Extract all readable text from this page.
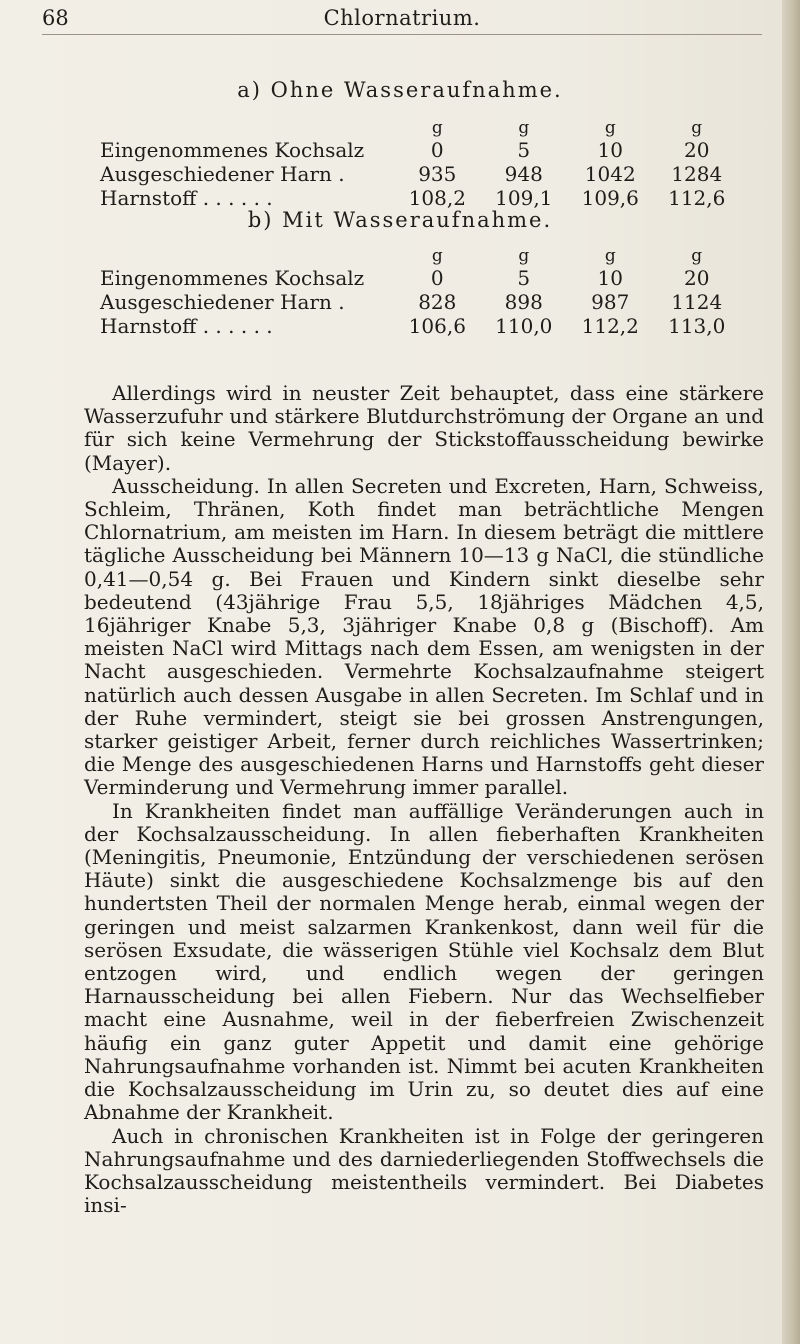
68	Chlornatrium.
a) Ohne Wasseraufnahme.
	g	g	g	g
Eingenommenes Kochsalz	0	5	10	20
Ausgeschiedener Harn .	935	948	1042	1284
Harnstoff . . . . . .	108,2	109,1	109,6	112,6
b) Mit Wasseraufnahme.
	g	g	g	g
Eingenommenes Kochsalz	0	5	10	20
Ausgeschiedener Harn .	828	898	987	1124
Harnstoff . . . . . .	106,6	110,0	112,2	113,0

Allerdings wird in neuster Zeit behauptet, dass eine stärkere Wasserzufuhr und stärkere Blutdurchströmung der Organe an und für sich keine Vermehrung der Stickstoffausscheidung bewirke (Mayer).

Ausscheidung. In allen Secreten und Excreten, Harn, Schweiss, Schleim, Thränen, Koth findet man beträchtliche Mengen Chlornatrium, am meisten im Harn. In diesem beträgt die mittlere tägliche Ausscheidung bei Männern 10—13 g NaCl, die stündliche 0,41—0,54 g. Bei Frauen und Kindern sinkt dieselbe sehr bedeutend (43jährige Frau 5,5, 18jähriges Mädchen 4,5, 16jähriger Knabe 5,3, 3jähriger Knabe 0,8 g (Bischoff). Am meisten NaCl wird Mittags nach dem Essen, am wenigsten in der Nacht ausgeschieden. Vermehrte Kochsalzaufnahme steigert natürlich auch dessen Ausgabe in allen Secreten. Im Schlaf und in der Ruhe vermindert, steigt sie bei grossen Anstrengungen, starker geistiger Arbeit, ferner durch reichliches Wassertrinken; die Menge des ausgeschiedenen Harns und Harnstoffs geht dieser Verminderung und Vermehrung immer parallel.

In Krankheiten findet man auffällige Veränderungen auch in der Kochsalzausscheidung. In allen fieberhaften Krankheiten (Meningitis, Pneumonie, Entzündung der verschiedenen serösen Häute) sinkt die ausgeschiedene Kochsalzmenge bis auf den hundertsten Theil der normalen Menge herab, einmal wegen der geringen und meist salzarmen Krankenkost, dann weil für die serösen Exsudate, die wässerigen Stühle viel Kochsalz dem Blut entzogen wird, und endlich wegen der geringen Harnausscheidung bei allen Fiebern. Nur das Wechselfieber macht eine Ausnahme, weil in der fieberfreien Zwischenzeit häufig ein ganz guter Appetit und damit eine gehörige Nahrungsaufnahme vorhanden ist. Nimmt bei acuten Krankheiten die Kochsalzausscheidung im Urin zu, so deutet dies auf eine Abnahme der Krankheit.

Auch in chronischen Krankheiten ist in Folge der geringeren Nahrungsaufnahme und des darniederliegenden Stoffwechsels die Kochsalzausscheidung meistentheils vermindert. Bei Diabetes insi-
